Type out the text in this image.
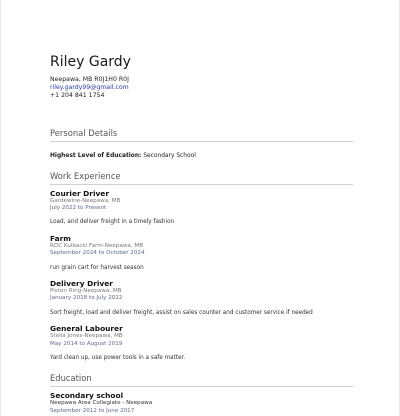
Riley Gardy
Neepawa, MB R0J1H0 R0J
riley.gardy99@gmail.com
+1 204 841 1754
Personal Details
Highest Level of Education: Secondary School
Work Experience
Courier Driver
Gardewine-Neepawa, MB
July 2022 to Present
Load, and deliver freight in a timely fashion
Farm
RDC Kulbacki Farm-Neepawa, MB
September 2024 to October 2024
run grain cart for harvest season
Delivery Driver
Piston Ring-Neepawa, MB
January 2018 to July 2022
Sort freight, load and deliver freight, assist on sales counter and customer service if needed
General Labourer
Stella Jones-Neepawa, MB
May 2014 to August 2019
Yard clean up, use power tools in a safe matter.
Education
Secondary school
Neepawa Area Collegiate - Neepawa
September 2012 to June 2017
